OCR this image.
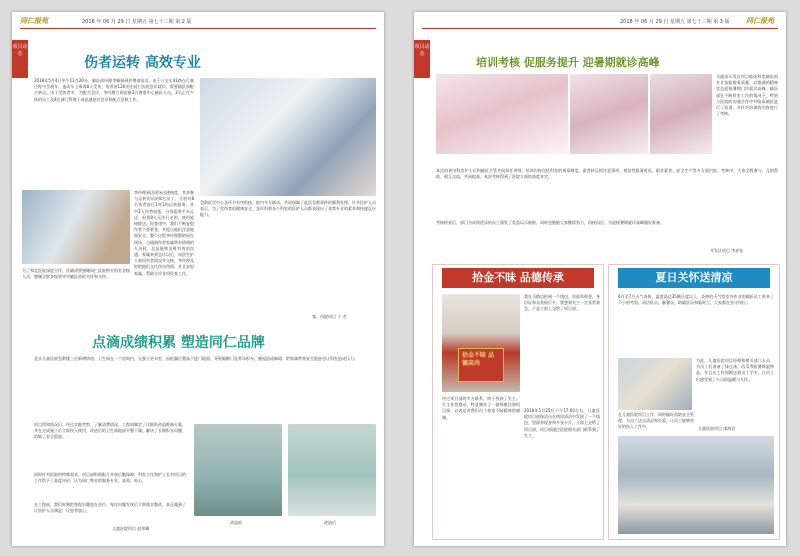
同仁报苑	2018 年 06 月 29 日 星期五 第七十三期 第 2 版
项目动态
伤者运转 高效专业
2018年5月4日中午11点20分，辅医部经理李颖接到护理部电话，由于公交车41路在行驶过程中急刹车，造成车上乘客8人受伤，伤者由120送往同仁医院急诊就诊，需要辅医部配合转运。由于受伤者多，为配合急诊，李经理立即安排3名调度中心辅医人员，3名正在午休的员工及8名部门管理干部迅速赶往急诊科配合急救工作。
李经理到达现场迅速调度，其余参与运转伤员的8名员工，分别对8名伤者进行1对1的运转服务，其中2人伤势较重，分别需要平车运送，轻伤8人无法行走的，使用轮椅推送。检查途中，我们不断安慰伤者不要紧张，并提示他们注意地面安全。整个过程李经理都陪同在现场，当遇到伤者家属带有情绪的人员时，总是能够及时有效的沟通，家属来到急诊以后，向医生护士询问伤者情况并交接，李经理及时给他们交代伤员伤情，并且安慰家属，帮助分诊各项检查工作。
为了和北医院深度合作，医辅部要感谢同仁医院相关科室各级人员，感谢全院各级领导对辅医部的关怀和支持。
急救医学中心各环节有序衔接，院内多方联动，共同保障了此次急救事件的顺利处理。许多医护人员表示，为了受伤者的健康安全，急诊科和各个科室的医护人员都表现出了非常专业的素养和快速反应能力。
客、西院项目 于 杰
点滴成绩积累 塑造同仁品牌
北京儿童医院急救楼三层新增病房，卫生间在一个房间内，无独立更衣室。因抢漏位置高于进门地面，导致隔断门处常年积水，额屋造成障碍，给家属带来安全隐患也让科室造成压力。
项目得知情况后，经过实地考察，了解清楚情况，工程部制定了详细的改造维修方案，并在完成施工后立即投入使用，改造后的卫生间地面平整干燥，解决了长期积水问题，消除了安全隐患。
同时针对医院的特殊需求，项目部积极配合开展后勤保障，科室主任和护士长对项目的工作给予了高度评价，认为同仁物业的服务专业、高效、贴心。
在工程部，我们时刻把督促问题放在首位，每次问题发现后立即落实整改，真正做到了让医护人员满意，让患者放心。
儿童医院项目 赵荣峰
改造前	改造后
2018 年 06 月 29 日 星期五 第七十三期 第 3 版 同仁报苑
项目动态
培训考核 促服务提升 迎暑期就诊高峰
为提高开发区项目临床科室辅医的专业技能服务质量，以饱满的精神状态迎接暑期门诊就诊高峰，辅医部在不断科室工作的情况下，特别与医院的沟通合作中对临床辅医进行了培训，并针对培训的内容进行了考核。
本次培训由科室护士长和辅医主管共同担任讲师，培训内容包括科室的规章制度、患者转运的注意事项、规范性服务用语、职业素养、安全生产等多方面内容。考核中，大家全程参与，互相帮助，相互交流，共同提高。本次考核得到了医院方面的高度肯定。
考核结束后，部门为成绩优异的员工颁发了奖品以示鼓励，同时也勉励大家继续努力，再接再厉，为迎接暑期就诊高峰做好准备。
开发区项目 李祥钰
拾金不昧 品德传承
拾金不昧 品德高尚
我在马路边拾到一个钱包，里面有现金、身份证和各类银行卡，我想着失主一定非常着急，于是立即上交给了项目部。
经过项目部的多方联系，终于找到了失主。失主非常感动，特意制作了一面锦旗送到项目部，以表达对我们员工拾金不昧精神的感谢。
2018年5月25日下午17:00左右，儿童医院项目部保洁员在病房清洁中发现了一个钱包，里面有现金和多张卡片，立即上交给了项目部，项目部通过医院相关部门联系到了失主。
夏日关怀送清凉
6月至7月天气炎热，温度高达35摄氏度以上，炎热的天气给室外作业的辅医员工带来了不小的考验。清洁队员、解暑员、助辅医员和临时工，大家都在坚守岗位。
为此，儿童医院项目经理和相关部门人员，为员工们准备了绿豆汤、西瓜等防暑降温物品，并且在工作间隙送到员工手中，让员工们感受到了公司的温暖与关怀。
在儿童医院项目工作，同时搞好消防安全管理，为员工送去清凉和关爱，让员工能够更好的投入工作中。	儿童医院项目 邵海君
